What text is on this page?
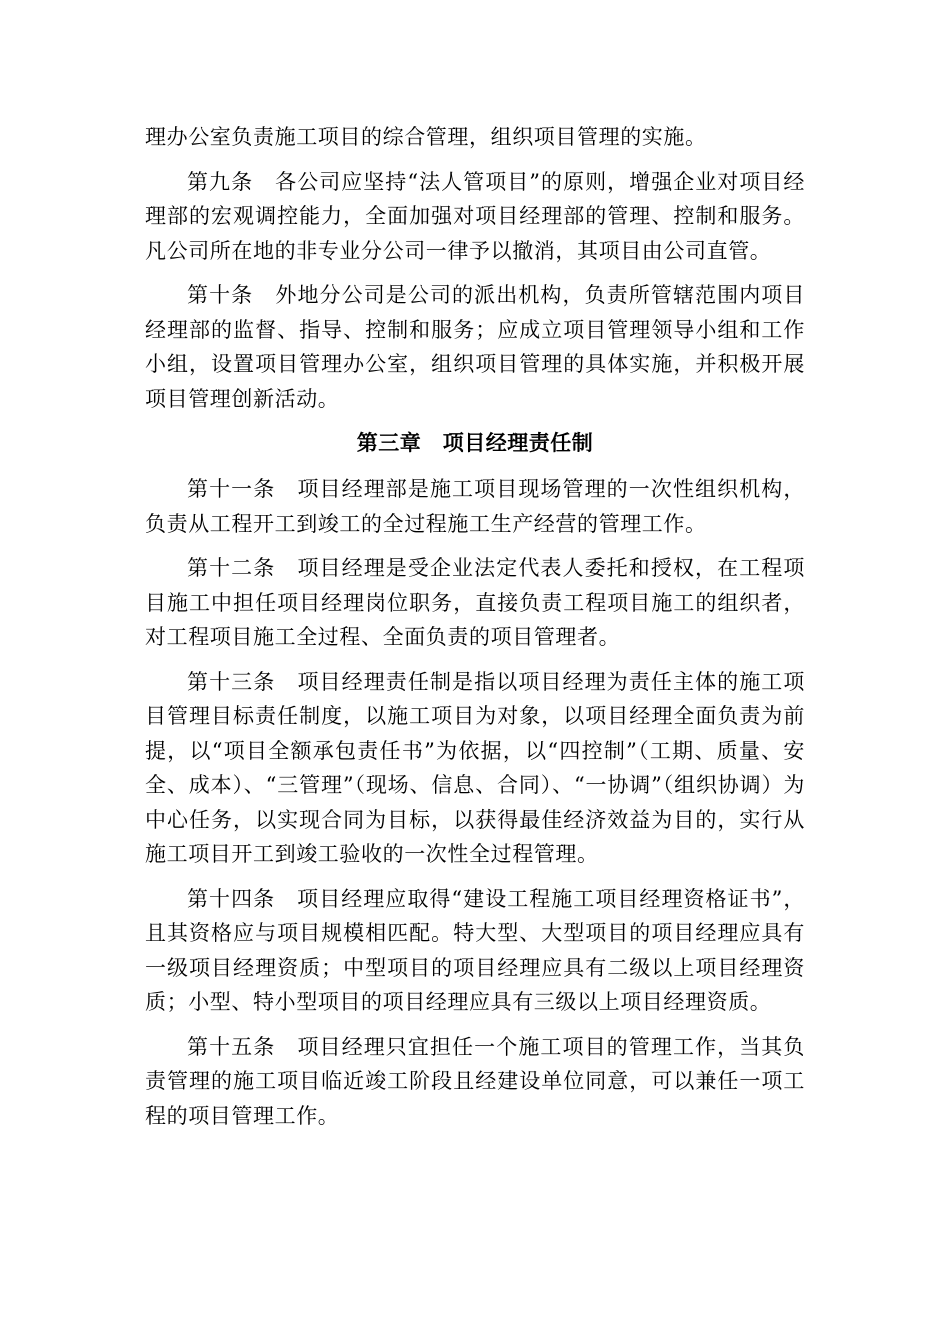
理办公室负责施工项目的综合管理，组织项目管理的实施。

第九条　各公司应坚持“法人管项目”的原则，增强企业对项目经理部的宏观调控能力，全面加强对项目经理部的管理、控制和服务。凡公司所在地的非专业分公司一律予以撤消，其项目由公司直管。

第十条　外地分公司是公司的派出机构，负责所管辖范围内项目经理部的监督、指导、控制和服务；应成立项目管理领导小组和工作小组，设置项目管理办公室，组织项目管理的具体实施，并积极开展项目管理创新活动。

第三章　项目经理责任制

第十一条　项目经理部是施工项目现场管理的一次性组织机构，负责从工程开工到竣工的全过程施工生产经营的管理工作。

第十二条　项目经理是受企业法定代表人委托和授权，在工程项目施工中担任项目经理岗位职务，直接负责工程项目施工的组织者，对工程项目施工全过程、全面负责的项目管理者。

第十三条　项目经理责任制是指以项目经理为责任主体的施工项目管理目标责任制度，以施工项目为对象，以项目经理全面负责为前提，以“项目全额承包责任书”为依据，以“四控制”（工期、质量、安全、成本）、“三管理”（现场、信息、合同）、“一协调”（组织协调）为中心任务，以实现合同为目标，以获得最佳经济效益为目的，实行从施工项目开工到竣工验收的一次性全过程管理。

第十四条　项目经理应取得“建设工程施工项目经理资格证书”，且其资格应与项目规模相匹配。特大型、大型项目的项目经理应具有一级项目经理资质；中型项目的项目经理应具有二级以上项目经理资质；小型、特小型项目的项目经理应具有三级以上项目经理资质。

第十五条　项目经理只宜担任一个施工项目的管理工作，当其负责管理的施工项目临近竣工阶段且经建设单位同意，可以兼任一项工程的项目管理工作。
